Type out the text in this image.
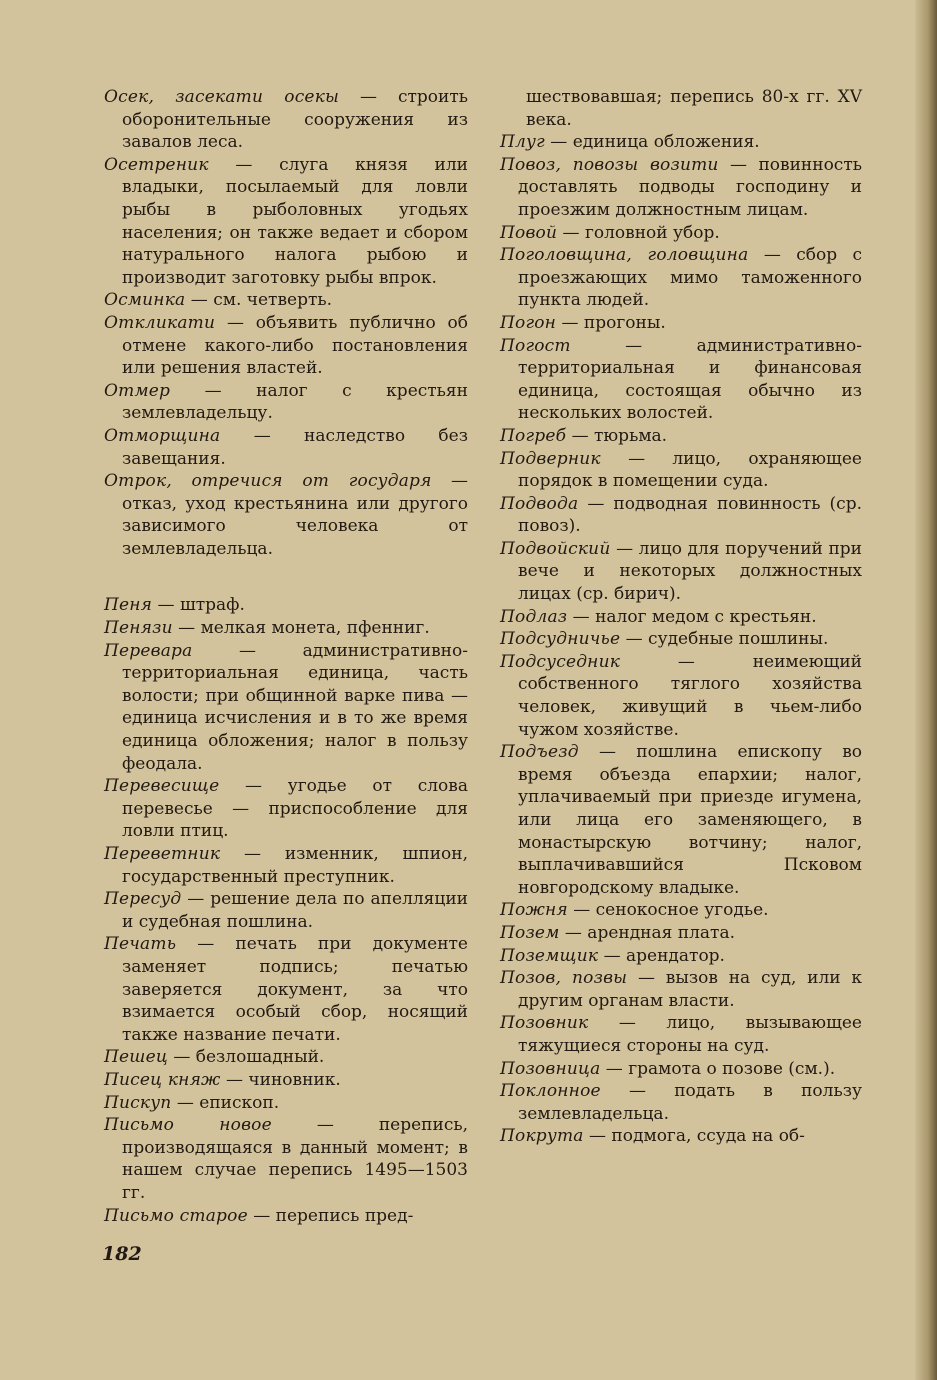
Осек, засекати осекы — строить оборонительные сооружения из завалов леса.

Осетреник — слуга князя или владыки, посылаемый для ловли рыбы в рыболовных угодьях населения; он также ведает и сбором натурального налога рыбою и производит заготовку рыбы впрок.

Осминка — см. четверть.

Откликати — объявить публично об отмене какого-либо постановления или решения властей.

Отмер — налог с крестьян землевладельцу.

Отморщина — наследство без завещания.

Отрок, отречися от государя — отказ, уход крестьянина или другого зависимого человека от землевладельца.

Пеня — штраф.

Пенязи — мелкая монета, пфенниг.

Перевара — административно-территориальная единица, часть волости; при общинной варке пива — единица исчисления и в то же время единица обложения; налог в пользу феодала.

Перевесище — угодье от слова перевесье — приспособление для ловли птиц.

Переветник — изменник, шпион, государственный преступник.

Пересуд — решение дела по апелляции и судебная пошлина.

Печать — печать при документе заменяет подпись; печатью заверяется документ, за что взимается особый сбор, носящий также название печати.

Пешец — безлошадный.

Писец княж — чиновник.

Пискуп — епископ.

Письмо новое — перепись, производящаяся в данный момент; в нашем случае перепись 1495—1503 гг.

Письмо старое — перепись пред-

шествовавшая; перепись 80-х гг. XV века.

Плуг — единица обложения.

Повоз, повозы возити — повинность доставлять подводы господину и проезжим должностным лицам.

Повой — головной убор.

Поголовщина, головщина — сбор с проезжающих мимо таможенного пункта людей.

Погон — прогоны.

Погост — административно-территориальная и финансовая единица, состоящая обычно из нескольких волостей.

Погреб — тюрьма.

Подверник — лицо, охраняющее порядок в помещении суда.

Подвода — подводная повинность (ср. повоз).

Подвойский — лицо для поручений при вече и некоторых должностных лицах (ср. бирич).

Подлаз — налог медом с крестьян.

Подсудничье — судебные пошлины.

Подсуседник — неимеющий собственного тяглого хозяйства человек, живущий в чьем-либо чужом хозяйстве.

Подъезд — пошлина епископу во время объезда епархии; налог, уплачиваемый при приезде игумена, или лица его заменяющего, в монастырскую вотчину; налог, выплачивавшийся Псковом новгородскому владыке.

Пожня — сенокосное угодье.

Позем — арендная плата.

Поземщик — арендатор.

Позов, позвы — вызов на суд, или к другим органам власти.

Позовник — лицо, вызывающее тяжущиеся стороны на суд.

Позовница — грамота о позове (см.).

Поклонное — подать в пользу землевладельца.

Покрута — подмога, ссуда на об-

182
